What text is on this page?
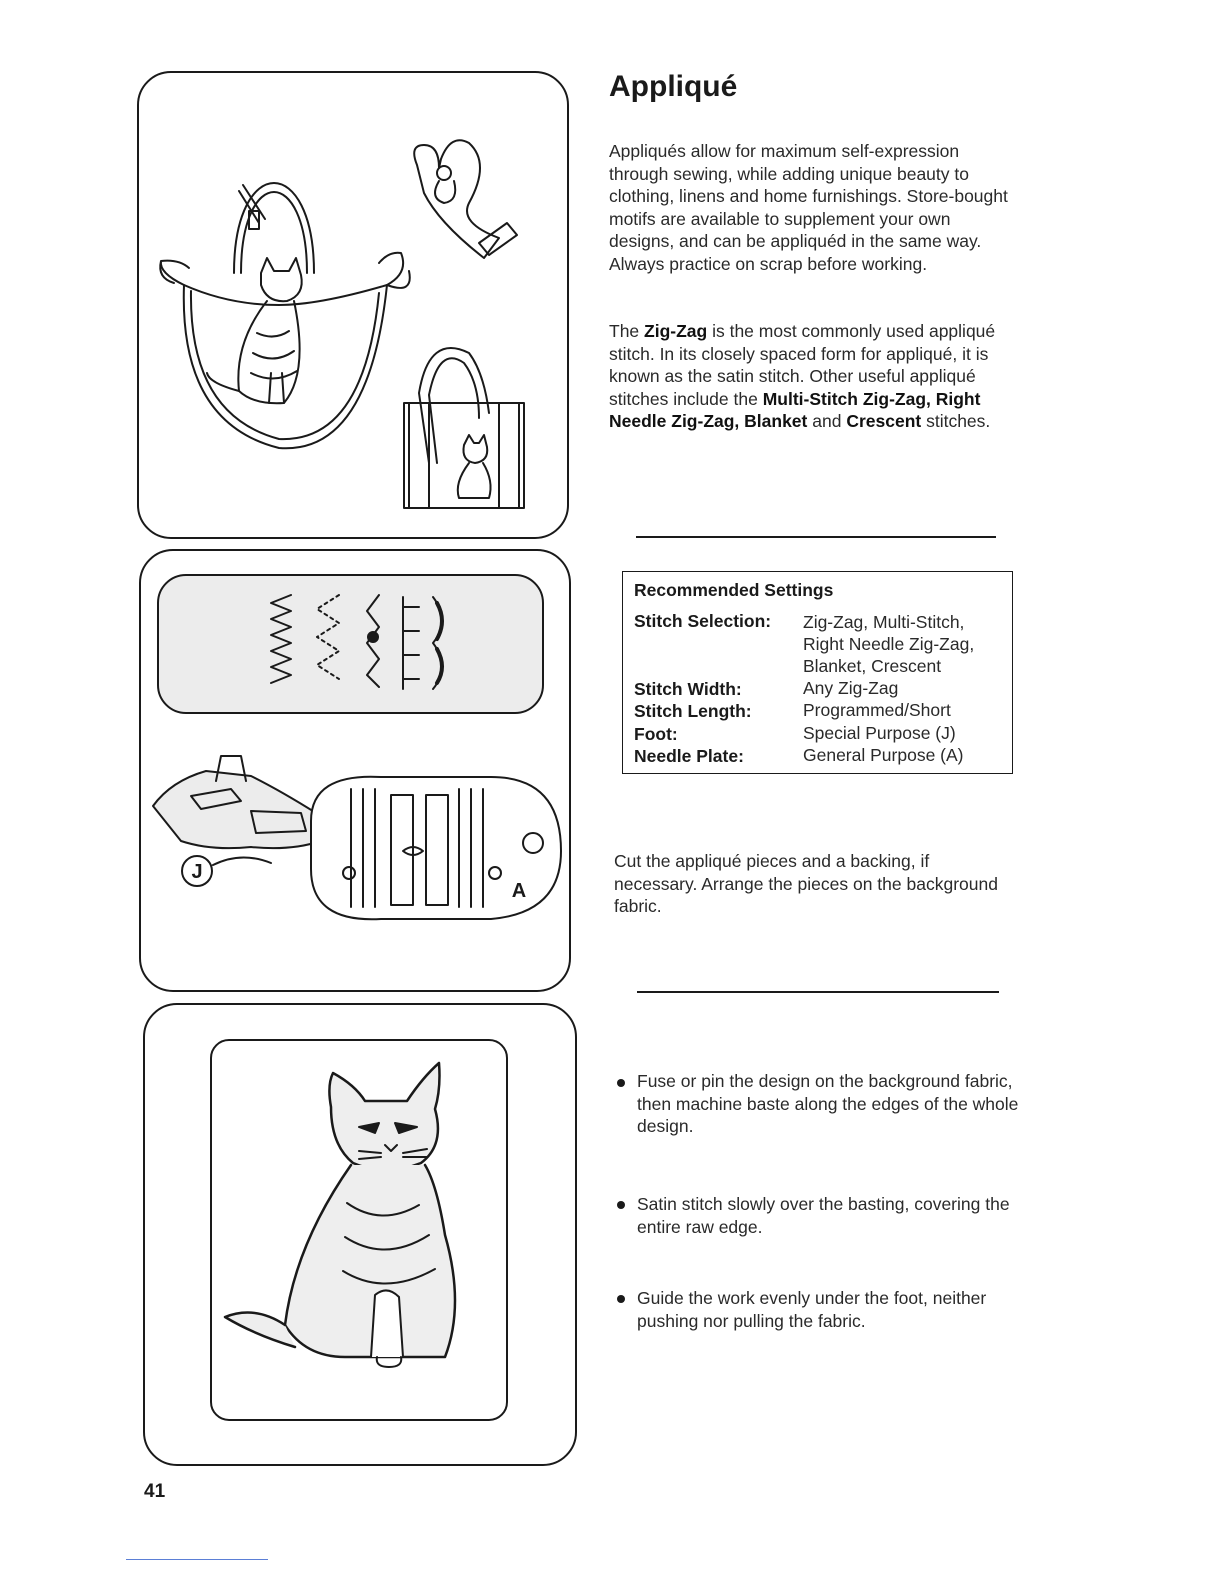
J
A
Appliqué

Appliqués allow for maximum self-expression through sewing, while adding unique beauty to clothing, linens and home furnishings. Store-bought motifs are available to supplement your own designs, and can be appliquéd in the same way. Always practice on scrap before working.

The Zig-Zag is the most commonly used appliqué stitch. In its closely spaced form for appliqué, it is known as the satin stitch. Other useful appliqué stitches include the Multi-Stitch Zig-Zag, Right Needle Zig-Zag, Blanket and Crescent stitches.

Recommended Settings
Stitch Selection: Zig-Zag, Multi-Stitch,
Right Needle Zig-Zag,
Blanket, Crescent
Stitch Width:	Any Zig-Zag
Stitch Length:	Programmed/Short
Foot:	Special Purpose (J)
Needle Plate:	General Purpose (A)

Cut the appliqué pieces and a backing, if necessary. Arrange the pieces on the background fabric.

Fuse or pin the design on the background fabric, then machine baste along the edges of the whole design.

Satin stitch slowly over the basting, covering the entire raw edge.

Guide the work evenly under the foot, neither pushing nor pulling the fabric.

41
